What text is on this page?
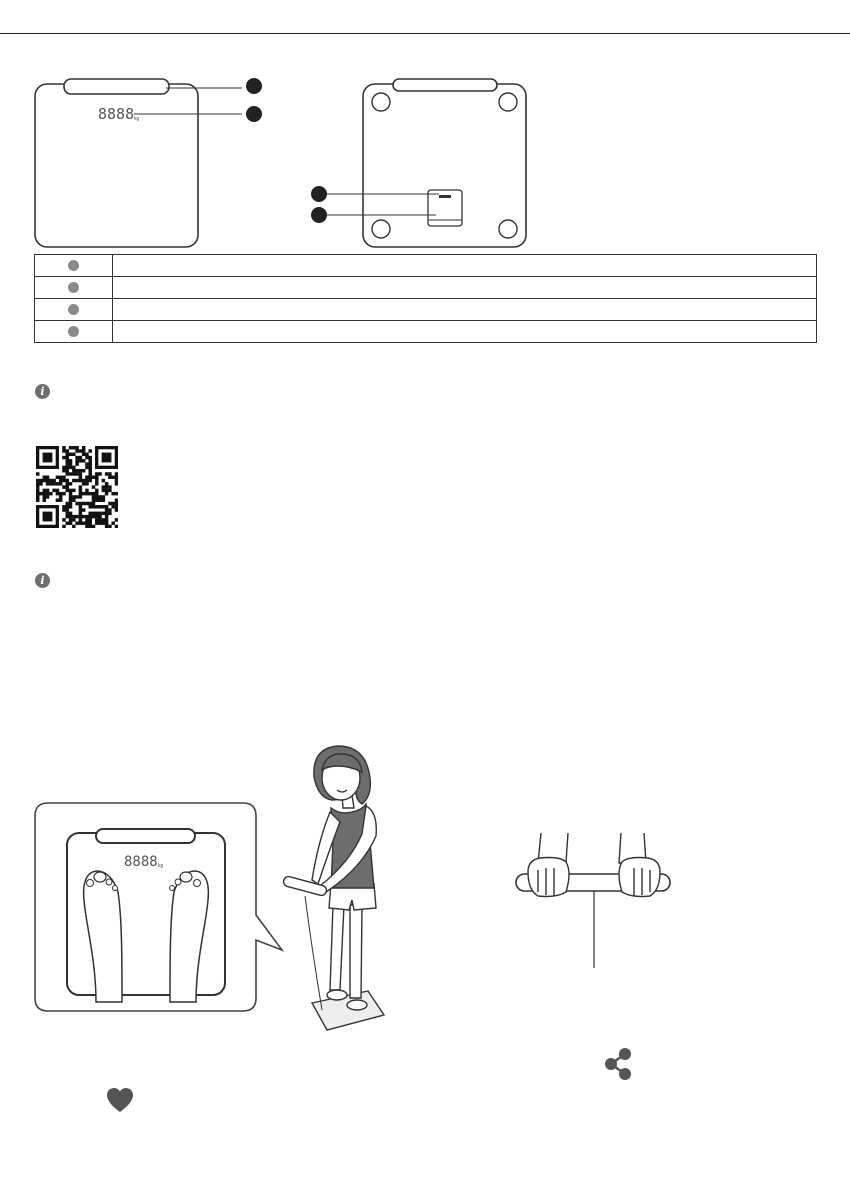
8888 kg

i
i
8888 kg
